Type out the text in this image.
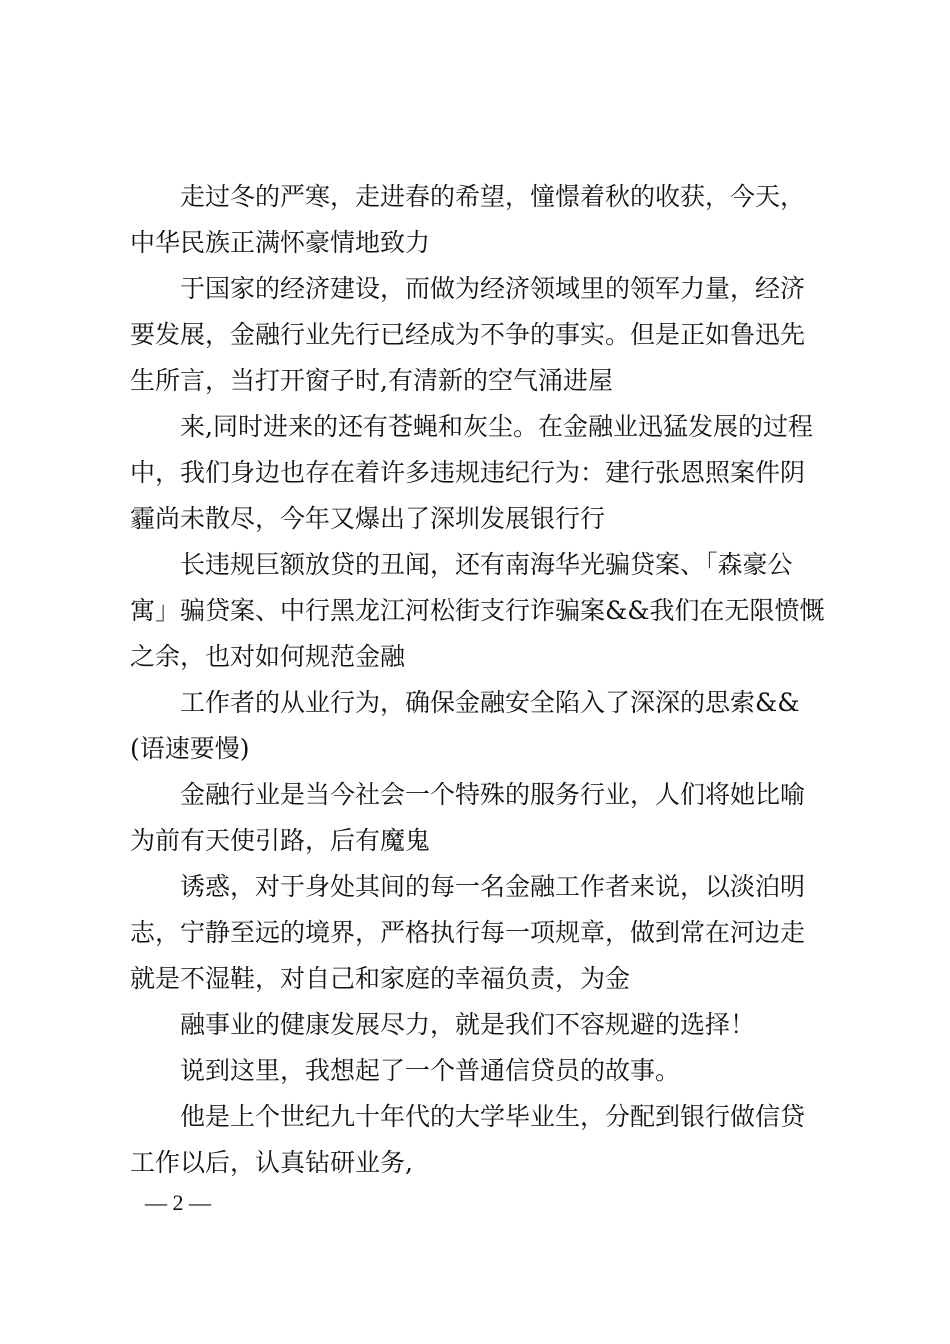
走过冬的严寒，走进春的希望，憧憬着秋的收获，今天，
中华民族正满怀豪情地致力
于国家的经济建设，而做为经济领域里的领军力量，经济
要发展，金融行业先行已经成为不争的事实。但是正如鲁迅先
生所言，当打开窗子时,有清新的空气涌进屋
来,同时进来的还有苍蝇和灰尘。在金融业迅猛发展的过程
中，我们身边也存在着许多违规违纪行为：建行张恩照案件阴
霾尚未散尽，今年又爆出了深圳发展银行行
长违规巨额放贷的丑闻，还有南海华光骗贷案、「森豪公
寓」骗贷案、中行黑龙江河松街支行诈骗案&&我们在无限愤慨
之余，也对如何规范金融
工作者的从业行为，确保金融安全陷入了深深的思索&&
(语速要慢)
金融行业是当今社会一个特殊的服务行业，人们将她比喻
为前有天使引路，后有魔鬼
诱惑，对于身处其间的每一名金融工作者来说，以淡泊明
志，宁静至远的境界，严格执行每一项规章，做到常在河边走
就是不湿鞋，对自己和家庭的幸福负责，为金
融事业的健康发展尽力，就是我们不容规避的选择！
说到这里，我想起了一个普通信贷员的故事。
他是上个世纪九十年代的大学毕业生，分配到银行做信贷
工作以后，认真钻研业务,
— 2 —
